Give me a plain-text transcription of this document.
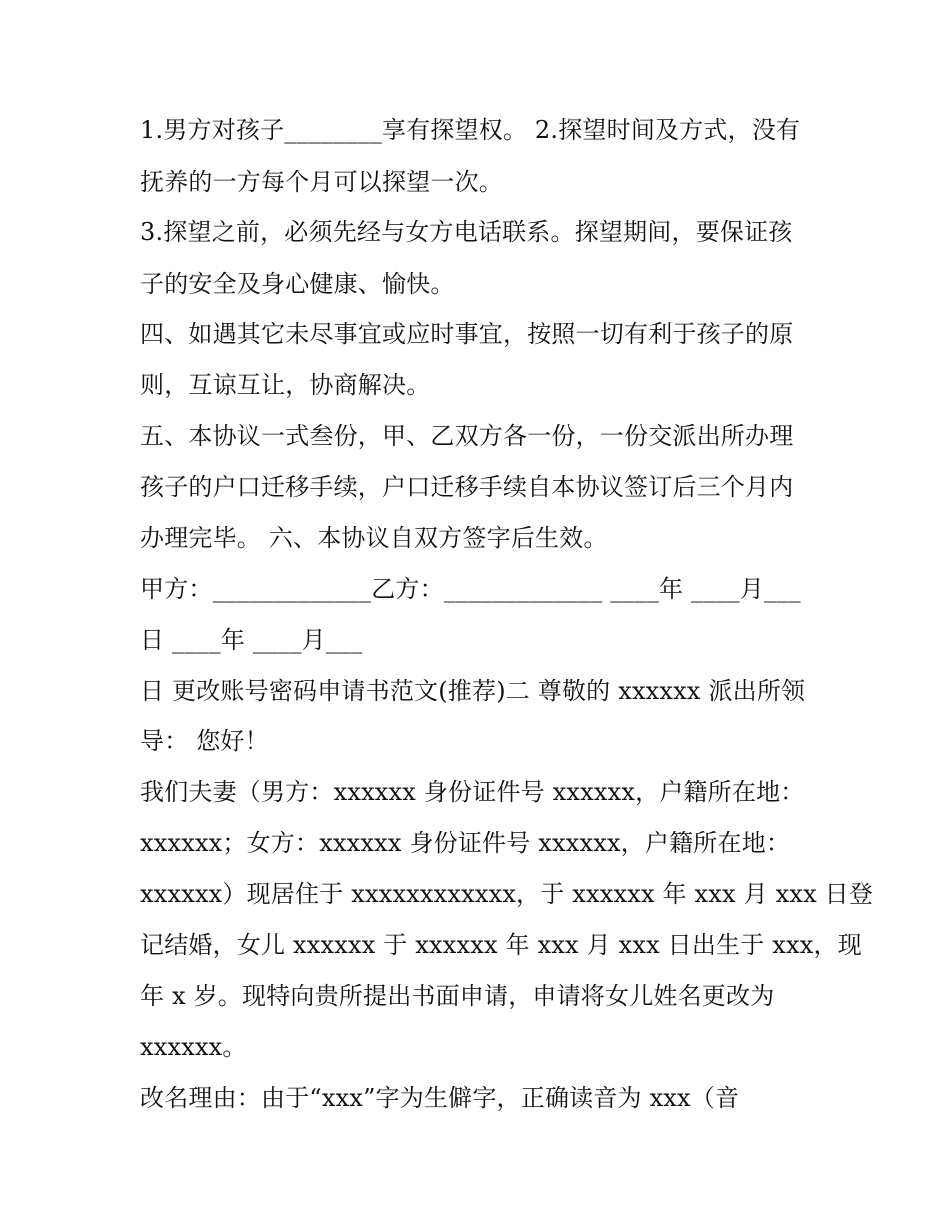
1.男方对孩子________享有探望权。 2.探望时间及方式，没有
抚养的一方每个月可以探望一次。
3.探望之前，必须先经与女方电话联系。探望期间，要保证孩
子的安全及身心健康、愉快。
四、如遇其它未尽事宜或应时事宜，按照一切有利于孩子的原
则，互谅互让，协商解决。
五、本协议一式叁份，甲、乙双方各一份，一份交派出所办理
孩子的户口迁移手续，户口迁移手续自本协议签订后三个月内
办理完毕。 六、本协议自双方签字后生效。
甲方：_____________乙方：_____________ ____年 ____月___
日 ____年 ____月___
日 更改账号密码申请书范文(推荐)二 尊敬的 xxxxxx 派出所领
导： 您好！
我们夫妻（男方：xxxxxx 身份证件号 xxxxxx，户籍所在地：
xxxxxx；女方：xxxxxx 身份证件号 xxxxxx，户籍所在地：
xxxxxx）现居住于 xxxxxxxxxxxx，于 xxxxxx 年 xxx 月 xxx 日登
记结婚，女儿 xxxxxx 于 xxxxxx 年 xxx 月 xxx 日出生于 xxx，现
年 x 岁。现特向贵所提出书面申请，申请将女儿姓名更改为
xxxxxx。
改名理由：由于“xxx”字为生僻字，正确读音为 xxx（音
